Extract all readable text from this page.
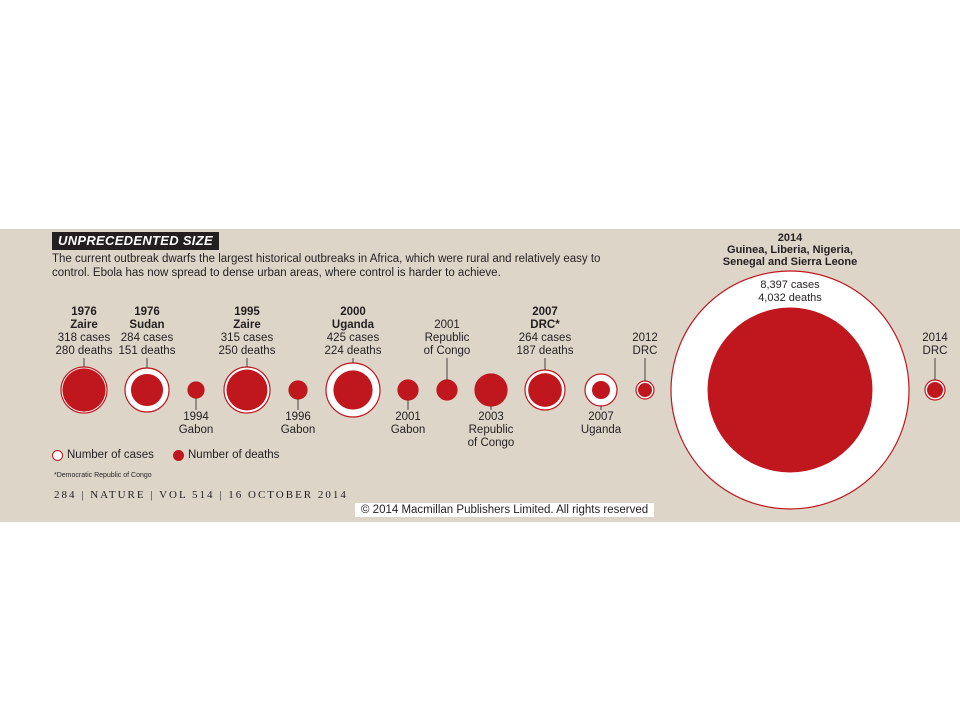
UNPRECEDENTED SIZE
The current outbreak dwarfs the largest historical outbreaks in Africa, which were rural and relatively easy to control. Ebola has now spread to dense urban areas, where control is harder to achieve.
1976
Zaire
318 cases
280 deaths
1976
Sudan
284 cases
151 deaths
1994
Gabon
1995
Zaire
315 cases
250 deaths
1996
Gabon
2000
Uganda
425 cases
224 deaths
2001
Gabon
2001
Republic
of Congo
2003
Republic
of Congo
2007
DRC*
264 cases
187 deaths
2007
Uganda
2012
DRC
2014
Guinea, Liberia, Nigeria,
Senegal and Sierra Leone
8,397 cases
4,032 deaths
2014
DRC
Number of cases	Number of deaths
*Democratic Republic of Congo
284 | NATURE | VOL 514 | 16 OCTOBER 2014
© 2014 Macmillan Publishers Limited. All rights reserved
